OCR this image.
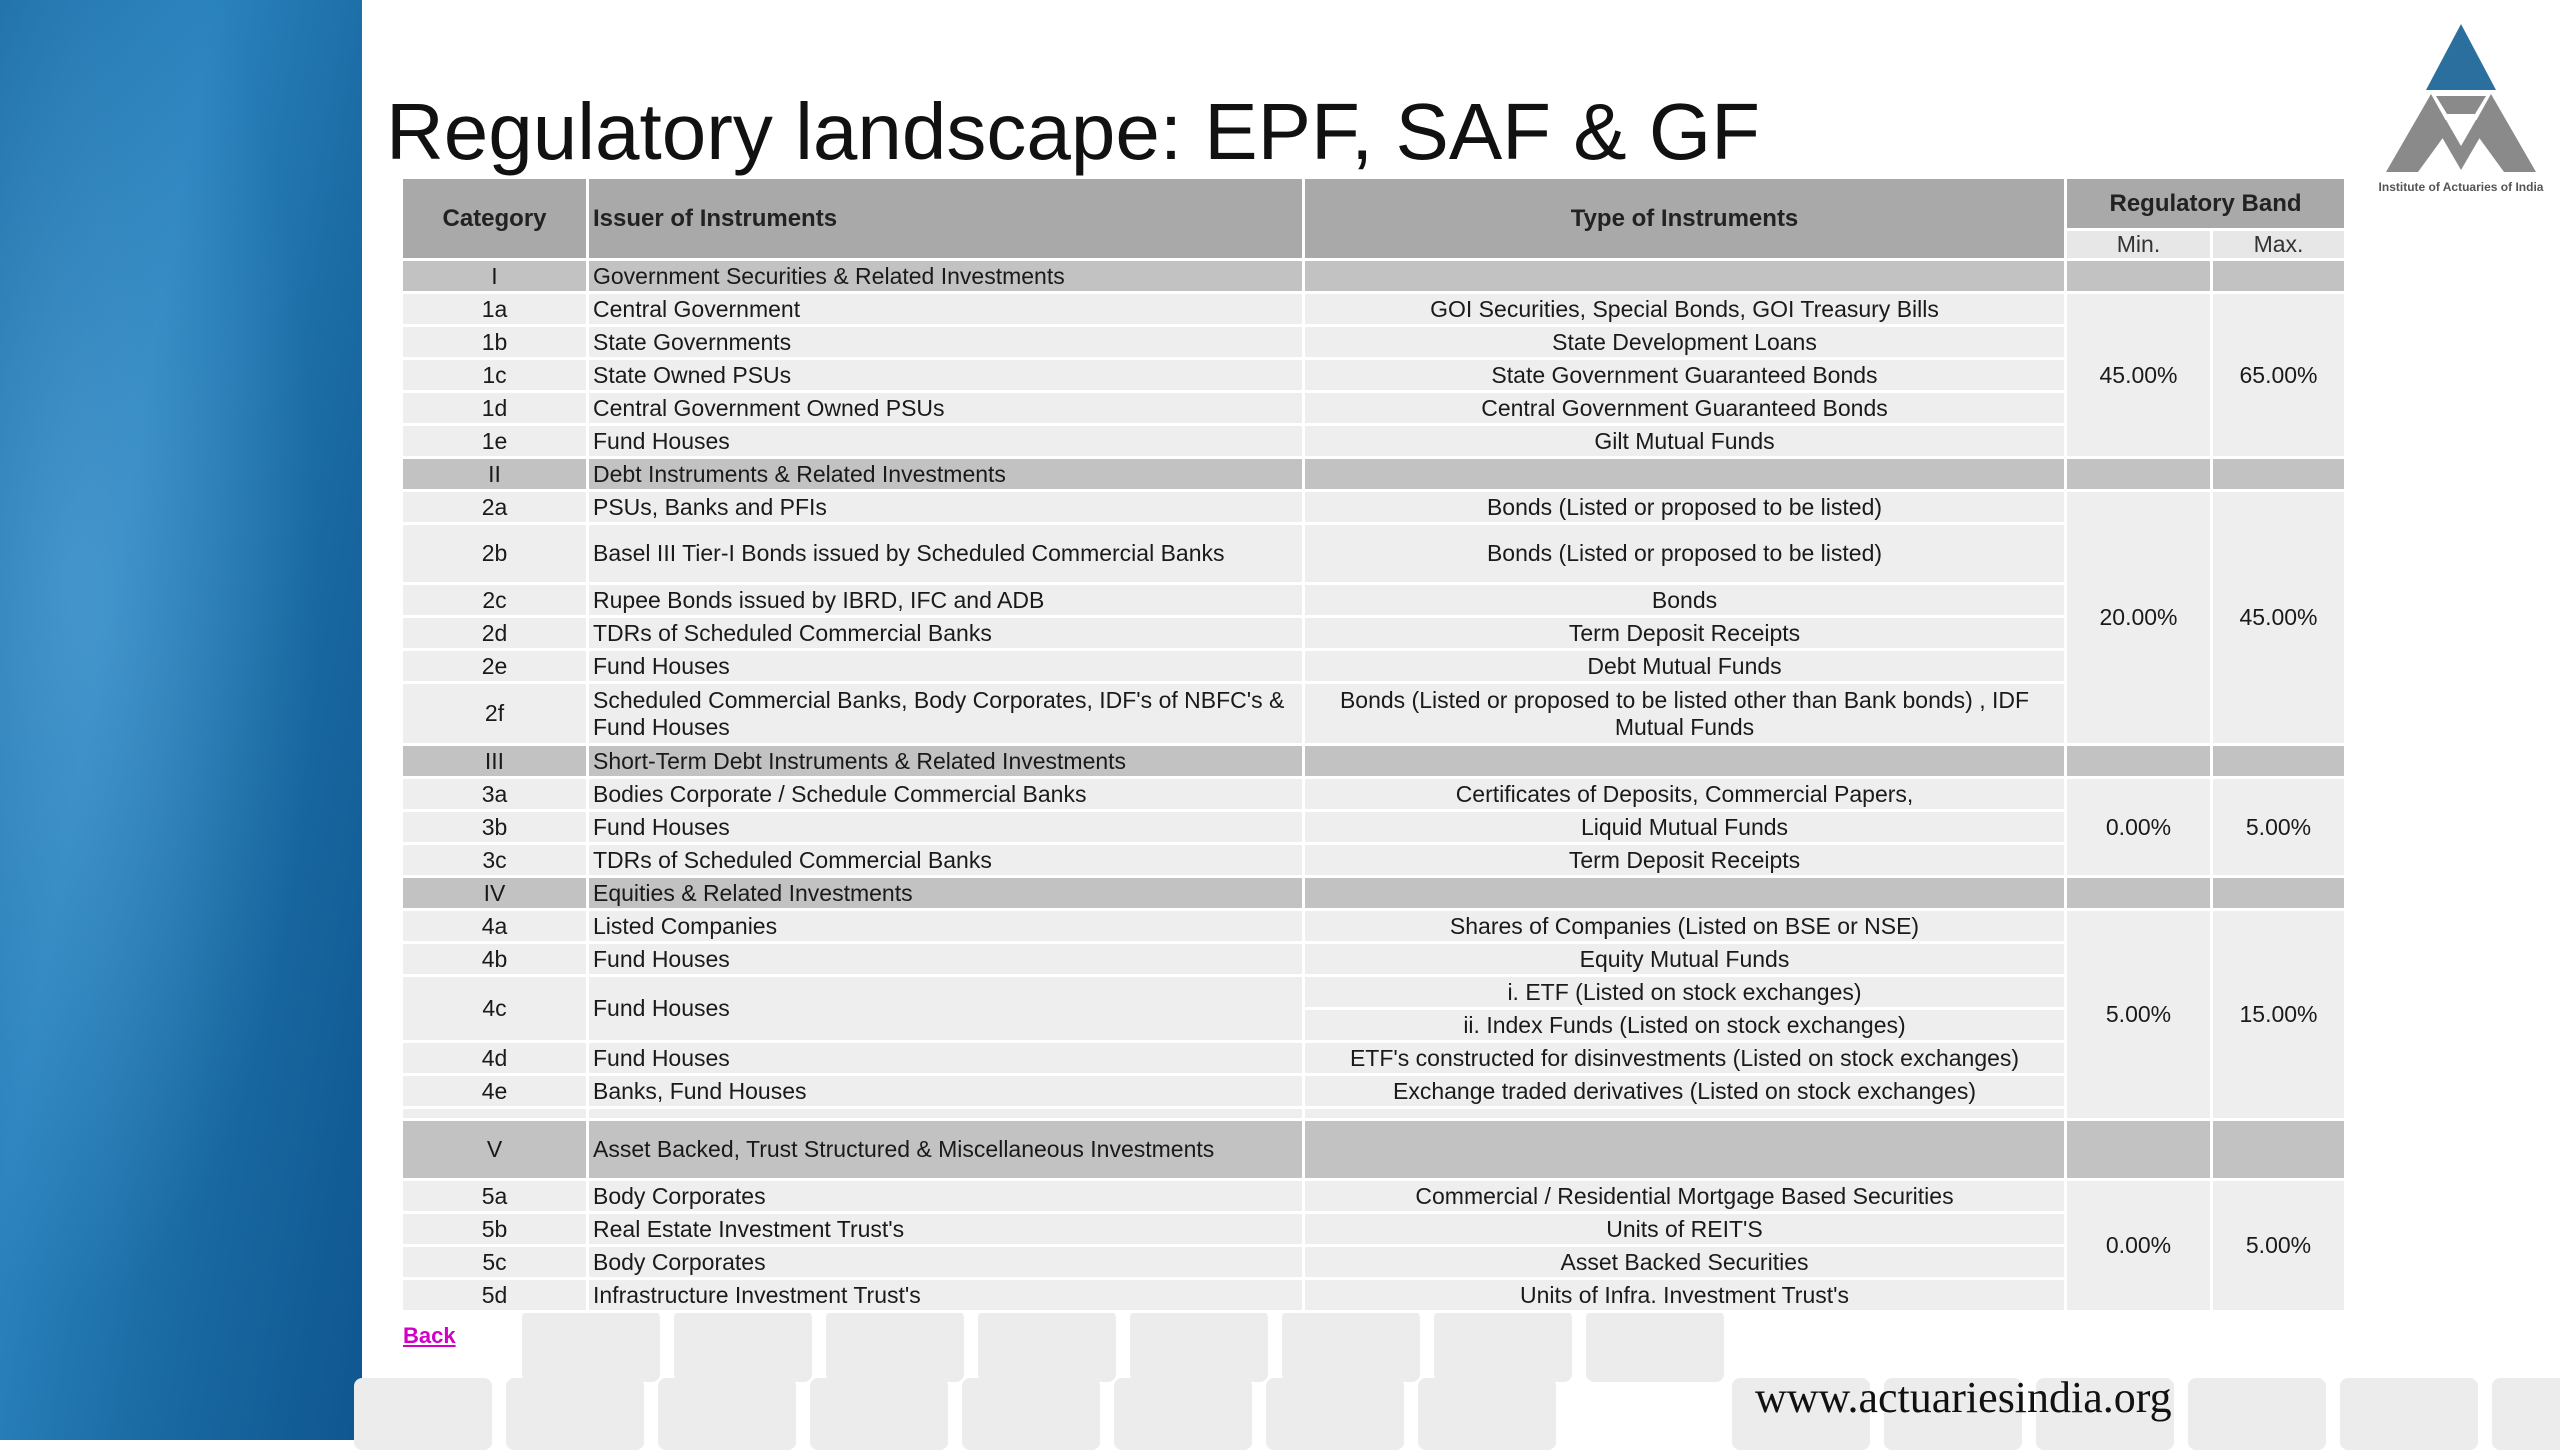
Regulatory landscape: EPF, SAF & GF
Institute of Actuaries of India
Category	Issuer of Instruments	Type of Instruments	Regulatory Band	
			Min.	Max.
I	Government Securities & Related Investments			
1a	Central Government	GOI Securities, Special Bonds, GOI Treasury Bills	45.00%	65.00%
1b	State Governments	State Development Loans		
1c	State Owned PSUs	State Government Guaranteed Bonds		
1d	Central Government Owned PSUs	Central Government Guaranteed Bonds		
1e	Fund Houses	Gilt Mutual Funds		
II	Debt Instruments & Related Investments			
2a	PSUs, Banks and PFIs	Bonds (Listed or proposed to be listed)	20.00%	45.00%
2b	Basel III Tier-I Bonds issued by Scheduled Commercial Banks	Bonds (Listed or proposed to be listed)		
2c	Rupee Bonds issued by IBRD, IFC and ADB	Bonds		
2d	TDRs of Scheduled Commercial Banks	Term Deposit Receipts		
2e	Fund Houses	Debt Mutual Funds		
2f	Scheduled Commercial Banks, Body Corporates, IDF's of NBFC's & Fund Houses	Bonds (Listed or proposed to be listed other than Bank bonds) , IDF Mutual Funds		
III	Short-Term Debt Instruments & Related Investments			
3a	Bodies Corporate / Schedule Commercial Banks	Certificates of Deposits, Commercial Papers,	0.00%	5.00%
3b	Fund Houses	Liquid Mutual Funds		
3c	TDRs of Scheduled Commercial Banks	Term Deposit Receipts		
IV	Equities & Related Investments			
4a	Listed Companies	Shares of Companies (Listed on BSE or NSE)	5.00%	15.00%
4b	Fund Houses	Equity Mutual Funds		
4c	Fund Houses	i. ETF (Listed on stock exchanges)		
		ii. Index Funds (Listed on stock exchanges)		
4d	Fund Houses	ETF's constructed for disinvestments (Listed on stock exchanges)		
4e	Banks, Fund Houses	Exchange traded derivatives (Listed on stock exchanges)		

V	Asset Backed, Trust Structured & Miscellaneous Investments			
5a	Body Corporates	Commercial / Residential Mortgage Based Securities	0.00%	5.00%
5b	Real Estate Investment Trust's	Units of REIT'S		
5c	Body Corporates	Asset Backed Securities		
5d	Infrastructure Investment Trust's	Units of Infra. Investment Trust's		
Back
www.actuariesindia.org
